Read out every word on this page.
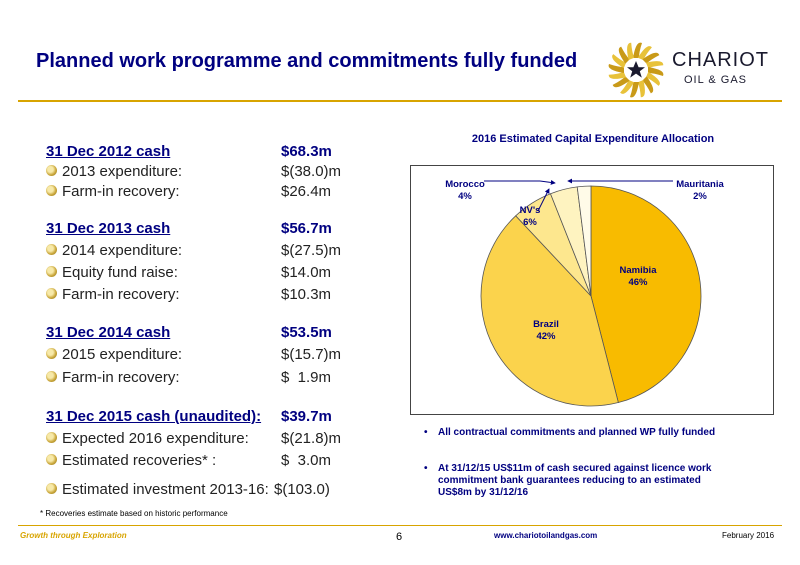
Planned work programme and commitments fully funded	CHARIOT
OIL & GAS
31 Dec 2012 cash	$68.3m
2013 expenditure:	$(38.0)m
Farm-in recovery:	$26.4m
31 Dec 2013 cash	$56.7m
2014 expenditure:	$(27.5)m
Equity fund raise:	$14.0m
Farm-in recovery:	$10.3m
31 Dec 2014 cash	$53.5m
2015 expenditure:	$(15.7)m
Farm-in recovery:	$  1.9m
31 Dec 2015 cash (unaudited): $39.7m
Expected 2016 expenditure: $(21.8)m
Estimated recoveries* :	$  3.0m
Estimated investment 2013-16: $(103.0)
* Recoveries estimate based on historic performance
2016 Estimated Capital Expenditure Allocation
Morocco
4%
Mauritania
2%
NV's
6%
Namibia
46%
Brazil
42%
• All contractual commitments and planned WP fully funded
• At 31/12/15 US$11m of cash secured against licence work commitment bank guarantees reducing to an estimated US$8m by 31/12/16
Growth through Exploration	6	www.chariotoilandgas.com	February 2016
